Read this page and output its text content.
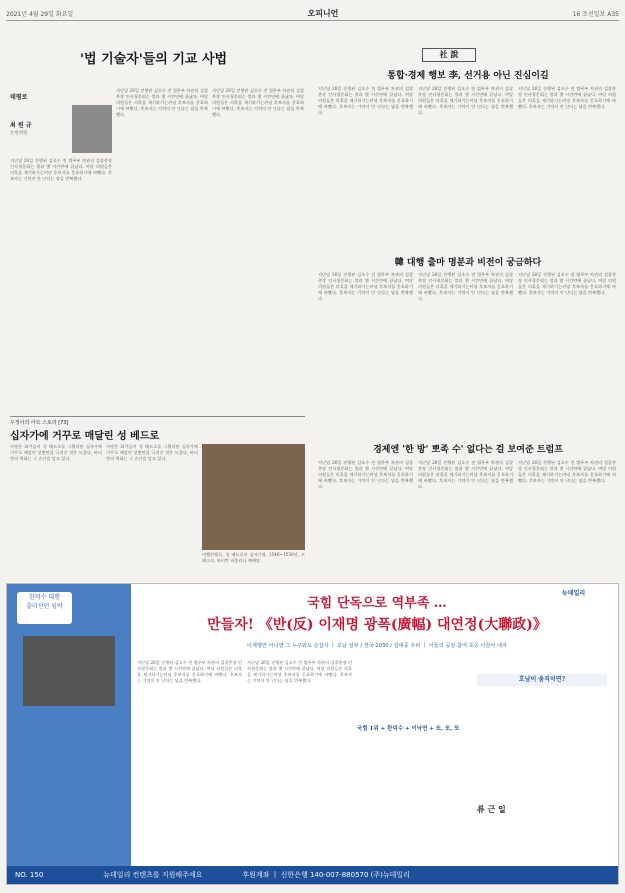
2021년 4월 29일 화요일	오피니언	16 조선일보 A35
'법 기술자'들의 기교 사법
태평로
최 원 규
논설위원
지난달 26일 진행된 김오수 전 법무부 차관의 검찰총장 인사청문회는 불과 몇 시간만에 끝났다. 여당 의원들은 의혹을 제기하기는커녕 후보자를 옹호하기에 바빴다. 후보자는 기억이 안 난다는 답을 반복했다.
지난달 26일 진행된 김오수 전 법무부 차관의 검찰총장 인사청문회는 불과 몇 시간만에 끝났다. 여당 의원들은 의혹을 제기하기는커녕 후보자를 옹호하기에 바빴다. 후보자는 기억이 안 난다는 답을 반복했다.
지난달 26일 진행된 김오수 전 법무부 차관의 검찰총장 인사청문회는 불과 몇 시간만에 끝났다. 여당 의원들은 의혹을 제기하기는커녕 후보자를 옹호하기에 바빴다. 후보자는 기억이 안 난다는 답을 반복했다.
우정아의 아트 스토리 [73]
십자가에 거꾸로 매달린 성 베드로
수많은 화가들이 성 베드로를 그렸지만 십자가에 거꾸로 매달린 장면만큼 극적인 것은 드물다. 바티칸의 벽화는 그 순간을 담고 있다.
수많은 화가들이 성 베드로를 그렸지만 십자가에 거꾸로 매달린 장면만큼 극적인 것은 드물다. 바티칸의 벽화는 그 순간을 담고 있다.
미켈란젤로, 성 베드로의 십자가형, 1546~1550년, 프레스코, 바티칸 파올리나 예배당.
社 說
통합·경제 행보 李, 선거용 아닌 진심이길
지난달 26일 진행된 김오수 전 법무부 차관의 검찰총장 인사청문회는 불과 몇 시간만에 끝났다. 여당 의원들은 의혹을 제기하기는커녕 후보자를 옹호하기에 바빴다. 후보자는 기억이 안 난다는 답을 반복했다.
지난달 26일 진행된 김오수 전 법무부 차관의 검찰총장 인사청문회는 불과 몇 시간만에 끝났다. 여당 의원들은 의혹을 제기하기는커녕 후보자를 옹호하기에 바빴다. 후보자는 기억이 안 난다는 답을 반복했다.
지난달 26일 진행된 김오수 전 법무부 차관의 검찰총장 인사청문회는 불과 몇 시간만에 끝났다. 여당 의원들은 의혹을 제기하기는커녕 후보자를 옹호하기에 바빴다. 후보자는 기억이 안 난다는 답을 반복했다.
韓 대행 출마 명분과 비전이 궁금하다
지난달 26일 진행된 김오수 전 법무부 차관의 검찰총장 인사청문회는 불과 몇 시간만에 끝났다. 여당 의원들은 의혹을 제기하기는커녕 후보자를 옹호하기에 바빴다. 후보자는 기억이 안 난다는 답을 반복했다.
지난달 26일 진행된 김오수 전 법무부 차관의 검찰총장 인사청문회는 불과 몇 시간만에 끝났다. 여당 의원들은 의혹을 제기하기는커녕 후보자를 옹호하기에 바빴다. 후보자는 기억이 안 난다는 답을 반복했다.
지난달 26일 진행된 김오수 전 법무부 차관의 검찰총장 인사청문회는 불과 몇 시간만에 끝났다. 여당 의원들은 의혹을 제기하기는커녕 후보자를 옹호하기에 바빴다. 후보자는 기억이 안 난다는 답을 반복했다.
경제엔 '한 방' 뽀족 수' 없다는 걸 보여준 트럼프
지난달 26일 진행된 김오수 전 법무부 차관의 검찰총장 인사청문회는 불과 몇 시간만에 끝났다. 여당 의원들은 의혹을 제기하기는커녕 후보자를 옹호하기에 바빴다. 후보자는 기억이 안 난다는 답을 반복했다.
지난달 26일 진행된 김오수 전 법무부 차관의 검찰총장 인사청문회는 불과 몇 시간만에 끝났다. 여당 의원들은 의혹을 제기하기는커녕 후보자를 옹호하기에 바빴다. 후보자는 기억이 안 난다는 답을 반복했다.
지난달 26일 진행된 김오수 전 법무부 차관의 검찰총장 인사청문회는 불과 몇 시간만에 끝났다. 여당 의원들은 의혹을 제기하기는커녕 후보자를 옹호하기에 바빴다. 후보자는 기억이 안 난다는 답을 반복했다.
한덕수 대행
출마선언 임박	국힘 단독으로 역부족 …
만들자! 《반(反) 이재명 광폭(廣幅) 대연정(大聯政)》
이재명만 아니면 그 누구와도 손잡자 ㅣ 호남 일부 / 전국 2030 / 김대중 우파 ㅣ 이들의 공감·참여·호응 이끌어 내자
뉴데일리
지난달 26일 진행된 김오수 전 법무부 차관의 검찰총장 인사청문회는 불과 몇 시간만에 끝났다. 여당 의원들은 의혹을 제기하기는커녕 후보자를 옹호하기에 바빴다. 후보자는 기억이 안 난다는 답을 반복했다.
지난달 26일 진행된 김오수 전 법무부 차관의 검찰총장 인사청문회는 불과 몇 시간만에 끝났다. 여당 의원들은 의혹을 제기하기는커녕 후보자를 옹호하기에 바빴다. 후보자는 기억이 안 난다는 답을 반복했다.
국힘 1위 + 한덕수 + 이낙연 + 또, 또, 또
호남이 움직이면?
류 근 일
NO. 150	뉴데일리 컨텐츠를 지원해주세요	후원계좌 ㅣ 신한은행 140-007-880570 (주)뉴데일리
